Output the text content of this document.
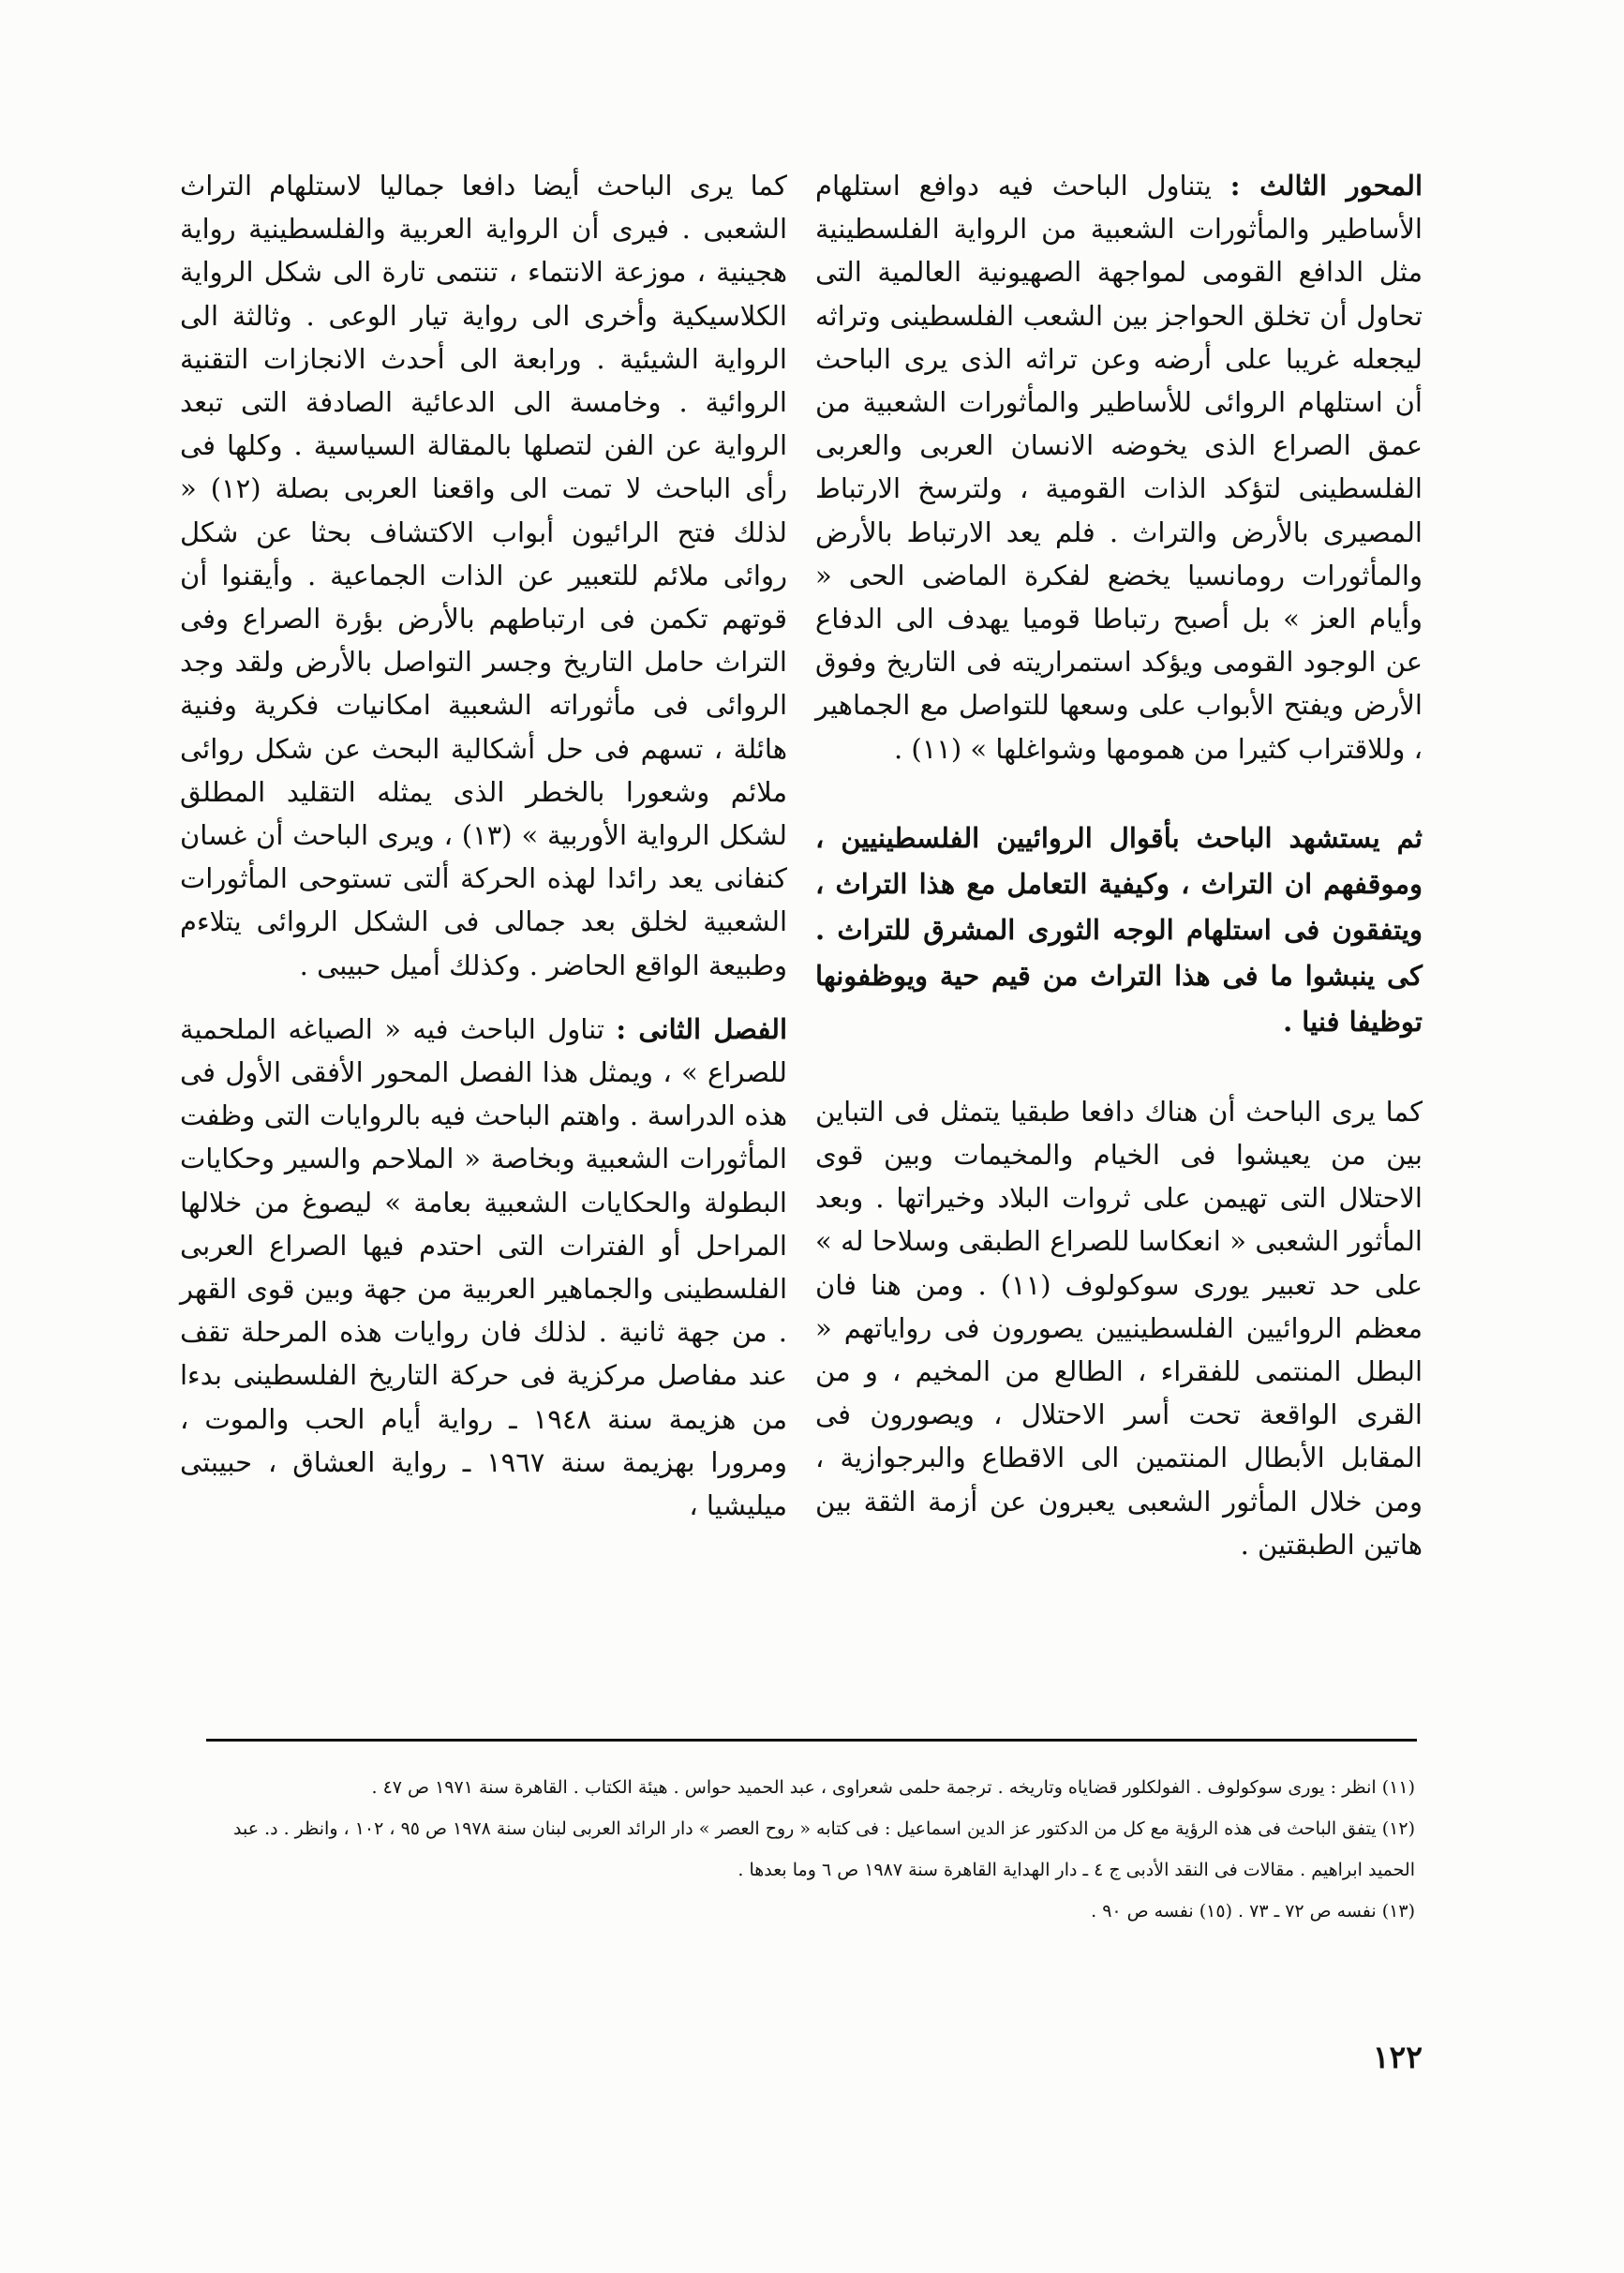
المحور الثالث : يتناول الباحث فيه دوافع استلهام الأساطير والمأثورات الشعبية من الرواية الفلسطينية مثل الدافع القومى لمواجهة الصهيونية العالمية التى تحاول أن تخلق الحواجز بين الشعب الفلسطينى وتراثه ليجعله غريبا على أرضه وعن تراثه الذى يرى الباحث أن استلهام الروائى للأساطير والمأثورات الشعبية من عمق الصراع الذى يخوضه الانسان العربى والعربى الفلسطينى لتؤكد الذات القومية ، ولترسخ الارتباط المصيرى بالأرض والتراث . فلم يعد الارتباط بالأرض والمأثورات رومانسيا يخضع لفكرة الماضى الحى « وأيام العز » بل أصبح رتباطا قوميا يهدف الى الدفاع عن الوجود القومى ويؤكد استمراريته فى التاريخ وفوق الأرض ويفتح الأبواب على وسعها للتواصل مع الجماهير ، وللاقتراب كثيرا من همومها وشواغلها » (١١) .

ثم يستشهد الباحث بأقوال الروائيين الفلسطينيين ، وموقفهم ان التراث ، وكيفية التعامل مع هذا التراث ، ويتفقون فى استلهام الوجه الثورى المشرق للتراث . كى ينبشوا ما فى هذا التراث من قيم حية ويوظفونها توظيفا فنيا .

كما يرى الباحث أن هناك دافعا طبقيا يتمثل فى التباين بين من يعيشوا فى الخيام والمخيمات وبين قوى الاحتلال التى تهيمن على ثروات البلاد وخيراتها . وبعد المأثور الشعبى « انعكاسا للصراع الطبقى وسلاحا له » على حد تعبير يورى سوكولوف (١١) . ومن هنا فان معظم الروائيين الفلسطينيين يصورون فى رواياتهم « البطل المنتمى للفقراء ، الطالع من المخيم ، و من القرى الواقعة تحت أسر الاحتلال ، ويصورون فى المقابل الأبطال المنتمين الى الاقطاع والبرجوازية ، ومن خلال المأثور الشعبى يعبرون عن أزمة الثقة بين هاتين الطبقتين .

كما يرى الباحث أيضا دافعا جماليا لاستلهام التراث الشعبى . فيرى أن الرواية العربية والفلسطينية رواية هجينية ، موزعة الانتماء ، تنتمى تارة الى شكل الرواية الكلاسيكية وأخرى الى رواية تيار الوعى . وثالثة الى الرواية الشيئية . ورابعة الى أحدث الانجازات التقنية الروائية . وخامسة الى الدعائية الصادفة التى تبعد الرواية عن الفن لتصلها بالمقالة السياسية . وكلها فى رأى الباحث لا تمت الى واقعنا العربى بصلة (١٢) « لذلك فتح الرائيون أبواب الاكتشاف بحثا عن شكل روائى ملائم للتعبير عن الذات الجماعية . وأيقنوا أن قوتهم تكمن فى ارتباطهم بالأرض بؤرة الصراع وفى التراث حامل التاريخ وجسر التواصل بالأرض ولقد وجد الروائى فى مأثوراته الشعبية امكانيات فكرية وفنية هائلة ، تسهم فى حل أشكالية البحث عن شكل روائى ملائم وشعورا بالخطر الذى يمثله التقليد المطلق لشكل الرواية الأوربية » (١٣) ، ويرى الباحث أن غسان كنفانى يعد رائدا لهذه الحركة ألتى تستوحى المأثورات الشعبية لخلق بعد جمالى فى الشكل الروائى يتلاءم وطبيعة الواقع الحاضر . وكذلك أميل حبيبى .

الفصل الثانى : تناول الباحث فيه « الصياغه الملحمية للصراع » ، ويمثل هذا الفصل المحور الأفقى الأول فى هذه الدراسة . واهتم الباحث فيه بالروايات التى وظفت المأثورات الشعبية وبخاصة « الملاحم والسير وحكايات البطولة والحكايات الشعبية بعامة » ليصوغ من خلالها المراحل أو الفترات التى احتدم فيها الصراع العربى الفلسطينى والجماهير العربية من جهة وبين قوى القهر . من جهة ثانية . لذلك فان روايات هذه المرحلة تقف عند مفاصل مركزية فى حركة التاريخ الفلسطينى بدءا من هزيمة سنة ١٩٤٨ ـ رواية أيام الحب والموت ، ومرورا بهزيمة سنة ١٩٦٧ ـ رواية العشاق ، حبيبتى ميليشيا ،

(١١) انظر : يورى سوكولوف . الفولكلور قضاياه وتاريخه . ترجمة حلمى شعراوى ، عبد الحميد حواس . هيئة الكتاب . القاهرة سنة ١٩٧١ ص ٤٧ .

(١٢) يتفق الباحث فى هذه الرؤية مع كل من الدكتور عز الدين اسماعيل : فى كتابه « روح العصر » دار الرائد العربى لبنان سنة ١٩٧٨ ص ٩٥ ، ١٠٢ ، وانظر . د. عبد الحميد ابراهيم . مقالات فى النقد الأدبى ج ٤ ـ دار الهداية القاهرة سنة ١٩٨٧ ص ٦ وما بعدها .

(١٣) نفسه ص ٧٢ ـ ٧٣ . (١٥) نفسه ص ٩٠ .

١٢٢
